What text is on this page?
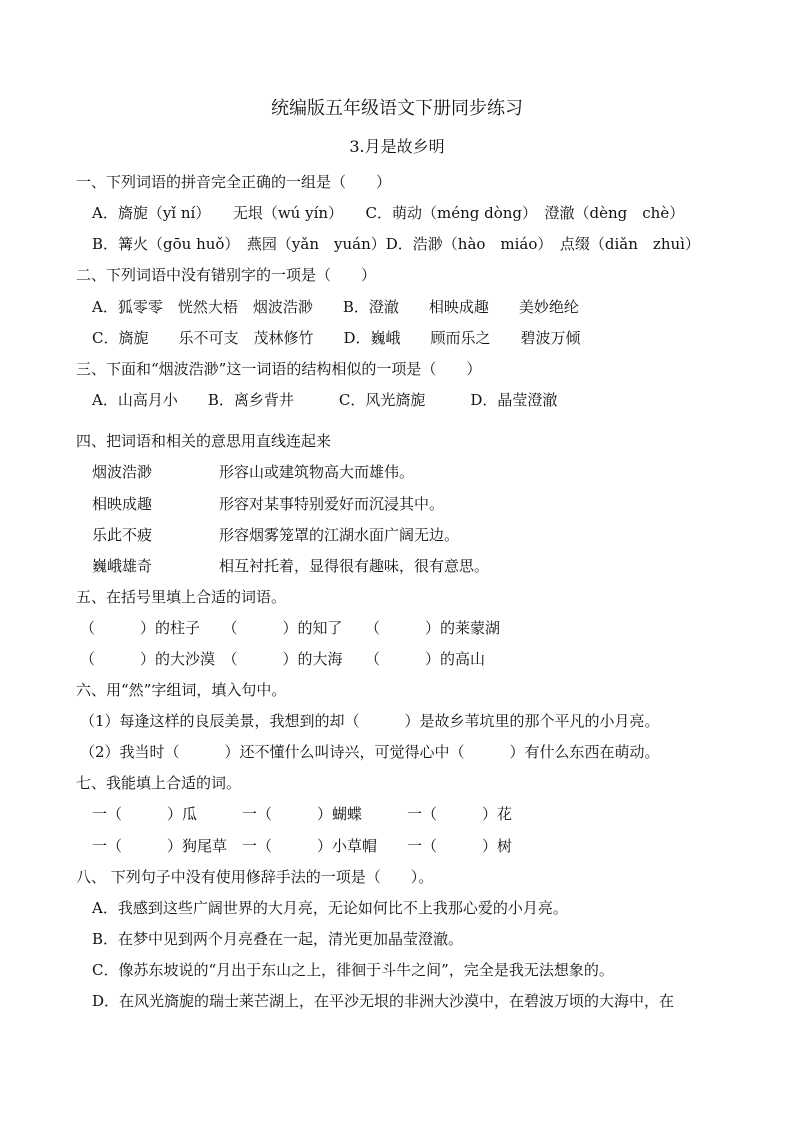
统编版五年级语文下册同步练习
3.月是故乡明
一、下列词语的拼音完全正确的一组是（　　）
A．旖旎（yǐ ní）　　无垠（wú yín）　　C．萌动（méng dòng）　澄澈（dèng　chè）
B．篝火（gōu huǒ）　燕园（yǎn　yuán）D．浩渺（hào　miáo）　点缀（diǎn　zhuì）
二、下列词语中没有错别字的一项是（　　）
A．狐零零　恍然大梧　烟波浩渺　　B．澄澈　　相映成趣　　美妙绝纶
C．旖旎　　乐不可支　茂林修竹　　D．巍峨　　顾而乐之　　碧波万倾
三、下面和“烟波浩渺”这一词语的结构相似的一项是（　　）
A．山高月小　　B．离乡背井　　　C．风光旖旎　　　D．晶莹澄澈
四、把词语和相关的意思用直线连起来
烟波浩渺	形容山或建筑物高大而雄伟。
相映成趣	形容对某事特别爱好而沉浸其中。
乐此不疲	形容烟雾笼罩的江湖水面广阔无边。
巍峨雄奇	相互衬托着，显得很有趣味，很有意思。
五、在括号里填上合适的词语。
（　　　）的柱子　　（　　　）的知了　　（　　　）的莱蒙湖
（　　　）的大沙漠　（　　　）的大海　　（　　　）的高山
六、用“然”字组词，填入句中。
（1）每逢这样的良辰美景，我想到的却（　　　）是故乡苇坑里的那个平凡的小月亮。
（2）我当时（　　　）还不懂什么叫诗兴，可觉得心中（　　　）有什么东西在萌动。
七、我能填上合适的词。
一（　　　）瓜　　　一（　　　）蝴蝶　　　一（　　　）花
一（　　　）狗尾草　一（　　　）小草帽　　一（　　　）树
八、 下列句子中没有使用修辞手法的一项是（　　）。
A．我感到这些广阔世界的大月亮，无论如何比不上我那心爱的小月亮。
B．在梦中见到两个月亮叠在一起，清光更加晶莹澄澈。
C．像苏东坡说的“月出于东山之上，徘徊于斗牛之间”，完全是我无法想象的。
D．在风光旖旎的瑞士莱芒湖上，在平沙无垠的非洲大沙漠中，在碧波万顷的大海中，在
